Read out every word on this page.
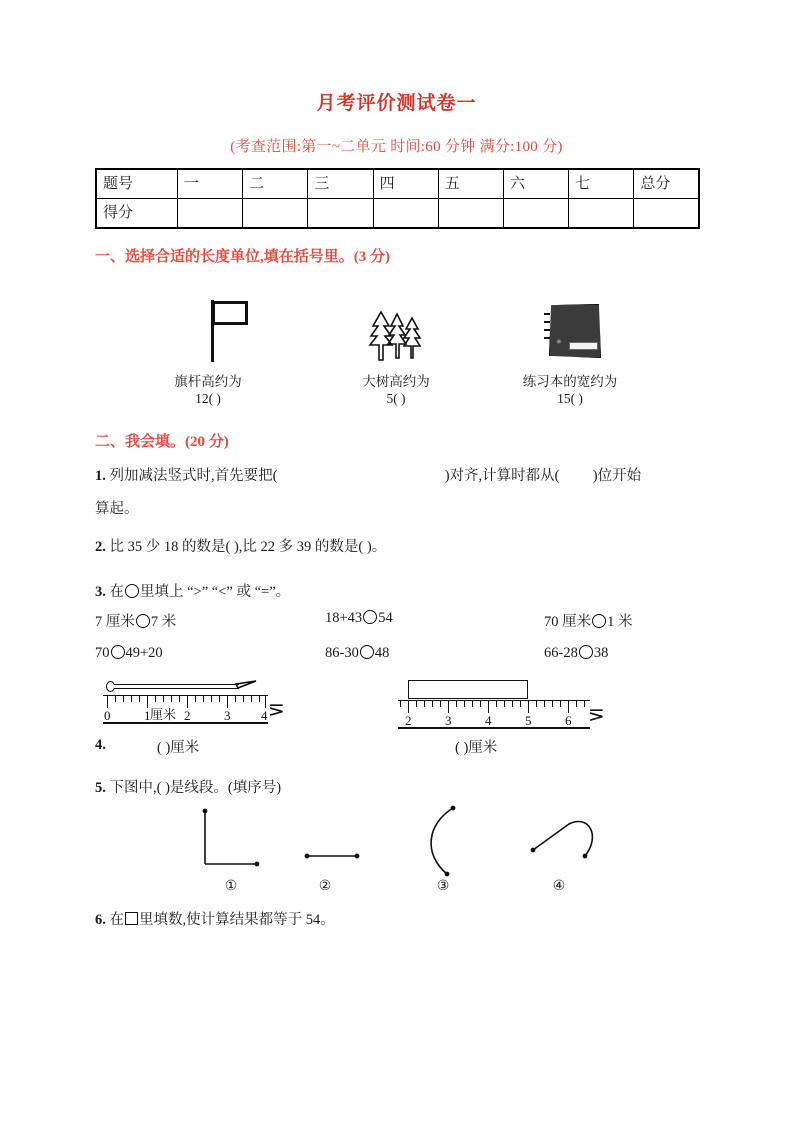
月考评价测试卷一
(考查范围:第一~二单元 时间:60 分钟 满分:100 分)
题号	一	二	三	四	五	六	七	总分
得分								
一、选择合适的长度单位,填在括号里。(3 分)
旗杆高约为
12( )
大树高约为
5( )
✳
练习本的宽约为
15( )
二、我会填。(20 分)
1. 列加减法竖式时,首先要把(	)对齐,计算时都从( )位开始
算起。
2. 比 35 少 18 的数是( ),比 22 多 39 的数是( )。
3. 在 里填上 “>” “<” 或 “=”。
7 厘米 7 米	18+43 54	70 厘米 1 米
70 49+20	86-30 48	66-28 38
0	1	2	3 4
厘米	⋝
4.	( )厘米
2	3	4	5	6 ⋝
( )厘米
5. 下图中,( )是线段。(填序号)
①	②	③	④
6. 在 里填数,使计算结果都等于 54。
